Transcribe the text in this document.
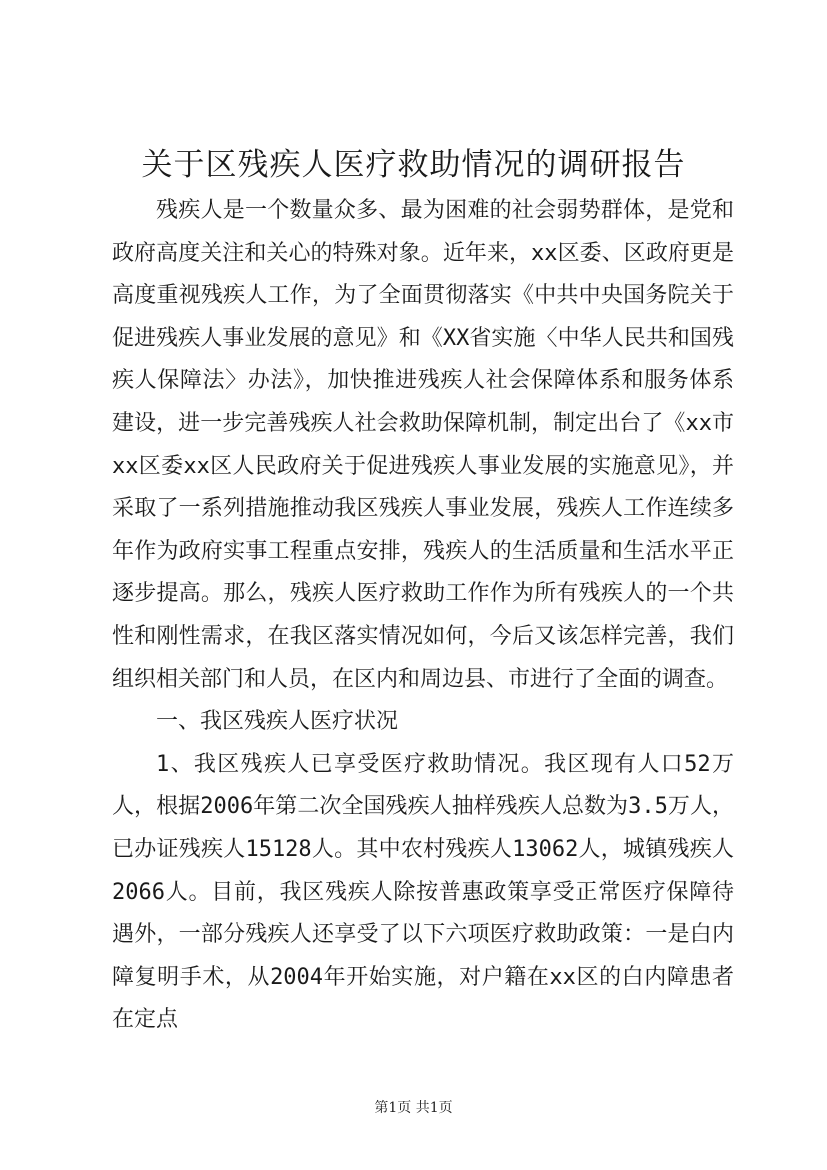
关于区残疾人医疗救助情况的调研报告

残疾人是一个数量众多、最为困难的社会弱势群体，是党和政府高度关注和关心的特殊对象。近年来，xx区委、区政府更是高度重视残疾人工作，为了全面贯彻落实《中共中央国务院关于促进残疾人事业发展的意见》和《XX省实施〈中华人民共和国残疾人保障法〉办法》，加快推进残疾人社会保障体系和服务体系建设，进一步完善残疾人社会救助保障机制，制定出台了《xx市xx区委xx区人民政府关于促进残疾人事业发展的实施意见》，并采取了一系列措施推动我区残疾人事业发展，残疾人工作连续多年作为政府实事工程重点安排，残疾人的生活质量和生活水平正逐步提高。那么，残疾人医疗救助工作作为所有残疾人的一个共性和刚性需求，在我区落实情况如何，今后又该怎样完善，我们组织相关部门和人员，在区内和周边县、市进行了全面的调查。

一、我区残疾人医疗状况

1、我区残疾人已享受医疗救助情况。我区现有人口52万人，根据2006年第二次全国残疾人抽样残疾人总数为3.5万人，已办证残疾人15128人。其中农村残疾人13062人，城镇残疾人2066人。目前，我区残疾人除按普惠政策享受正常医疗保障待遇外，一部分残疾人还享受了以下六项医疗救助政策：一是白内障复明手术，从2004年开始实施，对户籍在xx区的白内障患者在定点

第1页 共1页
